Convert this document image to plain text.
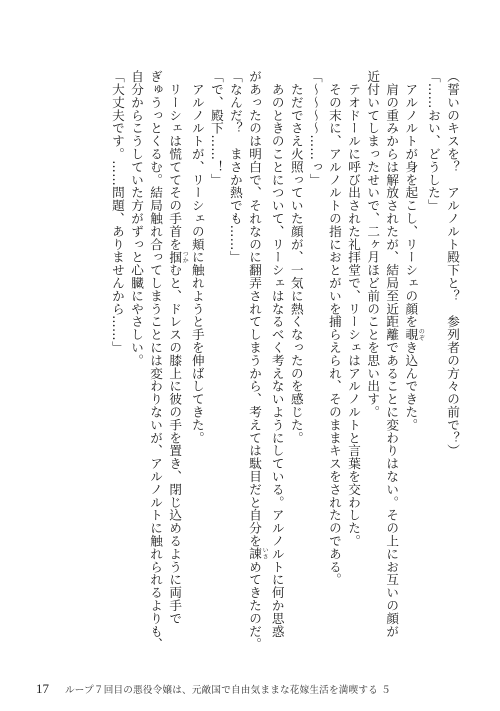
（誓いのキスを？　アルノルト殿下と？　参列者の方々の前で？）
「……おい、どうした」
　アルノルトが身を起こし、リーシェの顔を覗 のぞき込んできた。
　肩の重みからは解放されたが、結局至近距離であることに変わりはない。その上にお互いの顔が
近付いてしまったせいで、二ヶ月ほど前のことを思い出す。
　テオドールに呼び出された礼拝堂で、リーシェはアルノルトと言葉を交わした。
　その末に、アルノルトの指におとがいを捕らえられ、そのままキスをされたのである。
「〜〜〜〜……っ」
　ただでさえ火照っていた顔が、一気に熱くなったのを感じた。
　あのときのことについて、リーシェはなるべく考えないようにしている。アルノルトに何か思惑
があったのは明白で、それなのに翻弄されてしまうから、考えては駄目だと自分を諌 いさめてきたのだ。
「なんだ？　まさか熱でも……」
「で、殿下……！」
　アルノルトが、リーシェの頬に触れようと手を伸ばしてきた。
　リーシェは慌ててその手首を掴 つかむと、ドレスの膝上に彼の手を置き、閉じ込めるように両手で
ぎゅうっとくるむ。結局触れ合ってしまうことには変わりないが、アルノルトに触れられるよりも、
自分からこうしていた方がずっと心臓にやさしい。
「大丈夫です。……問題、ありませんから……」
17 ループ７回目の悪役令嬢は、元敵国で自由気ままな花嫁生活を満喫する ５
